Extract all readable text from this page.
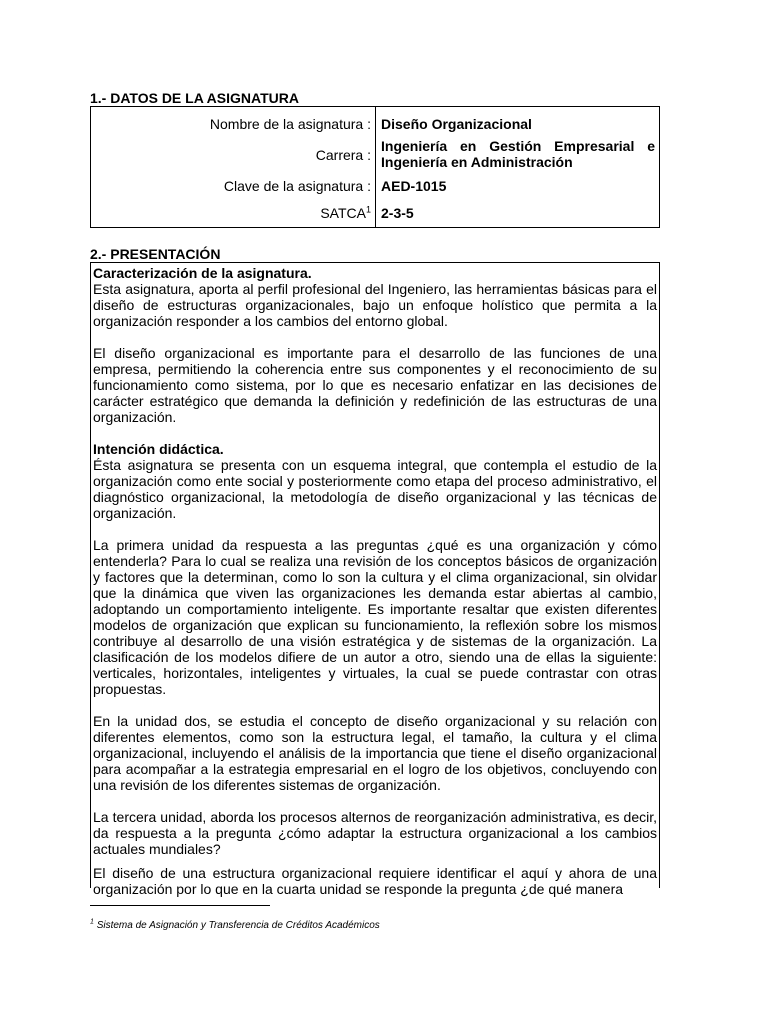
1.- DATOS DE LA ASIGNATURA
Nombre de la asignatura : Diseño Organizacional
Carrera :
Ingeniería en Gestión Empresarial e Ingeniería en Administración
Clave de la asignatura : AED-1015
SATCA$^1$ 2-3-5
2.- PRESENTACIÓN
Caracterización de la asignatura.

Esta asignatura, aporta al perfil profesional del Ingeniero, las herramientas básicas para el diseño de estructuras organizacionales, bajo un enfoque holístico que permita a la organización responder a los cambios del entorno global.

El diseño organizacional es importante para el desarrollo de las funciones de una empresa, permitiendo la coherencia entre sus componentes y el reconocimiento de su funcionamiento como sistema, por lo que es necesario enfatizar en las decisiones de carácter estratégico que demanda la definición y redefinición de las estructuras de una organización.

Intención didáctica.

Ésta asignatura se presenta con un esquema integral, que contempla el estudio de la organización como ente social y posteriormente como etapa del proceso administrativo, el diagnóstico organizacional, la metodología de diseño organizacional y las técnicas de organización.

La primera unidad da respuesta a las preguntas ¿qué es una organización y cómo entenderla? Para lo cual se realiza una revisión de los conceptos básicos de organización y factores que la determinan, como lo son la cultura y el clima organizacional, sin olvidar que la dinámica que viven las organizaciones les demanda estar abiertas al cambio, adoptando un comportamiento inteligente. Es importante resaltar que existen diferentes modelos de organización que explican su funcionamiento, la reflexión sobre los mismos contribuye al desarrollo de una visión estratégica y de sistemas de la organización. La clasificación de los modelos difiere de un autor a otro, siendo una de ellas la siguiente: verticales, horizontales, inteligentes y virtuales, la cual se puede contrastar con otras propuestas.

En la unidad dos, se estudia el concepto de diseño organizacional y su relación con diferentes elementos, como son la estructura legal, el tamaño, la cultura y el clima organizacional, incluyendo el análisis de la importancia que tiene el diseño organizacional para acompañar a la estrategia empresarial en el logro de los objetivos, concluyendo con una revisión de los diferentes sistemas de organización.

La tercera unidad, aborda los procesos alternos de reorganización administrativa, es decir, da respuesta a la pregunta ¿cómo adaptar la estructura organizacional a los cambios actuales mundiales?

El diseño de una estructura organizacional requiere identificar el aquí y ahora de una organización por lo que en la cuarta unidad se responde la pregunta ¿de qué manera

$^1$ Sistema de Asignación y Transferencia de Créditos Académicos
